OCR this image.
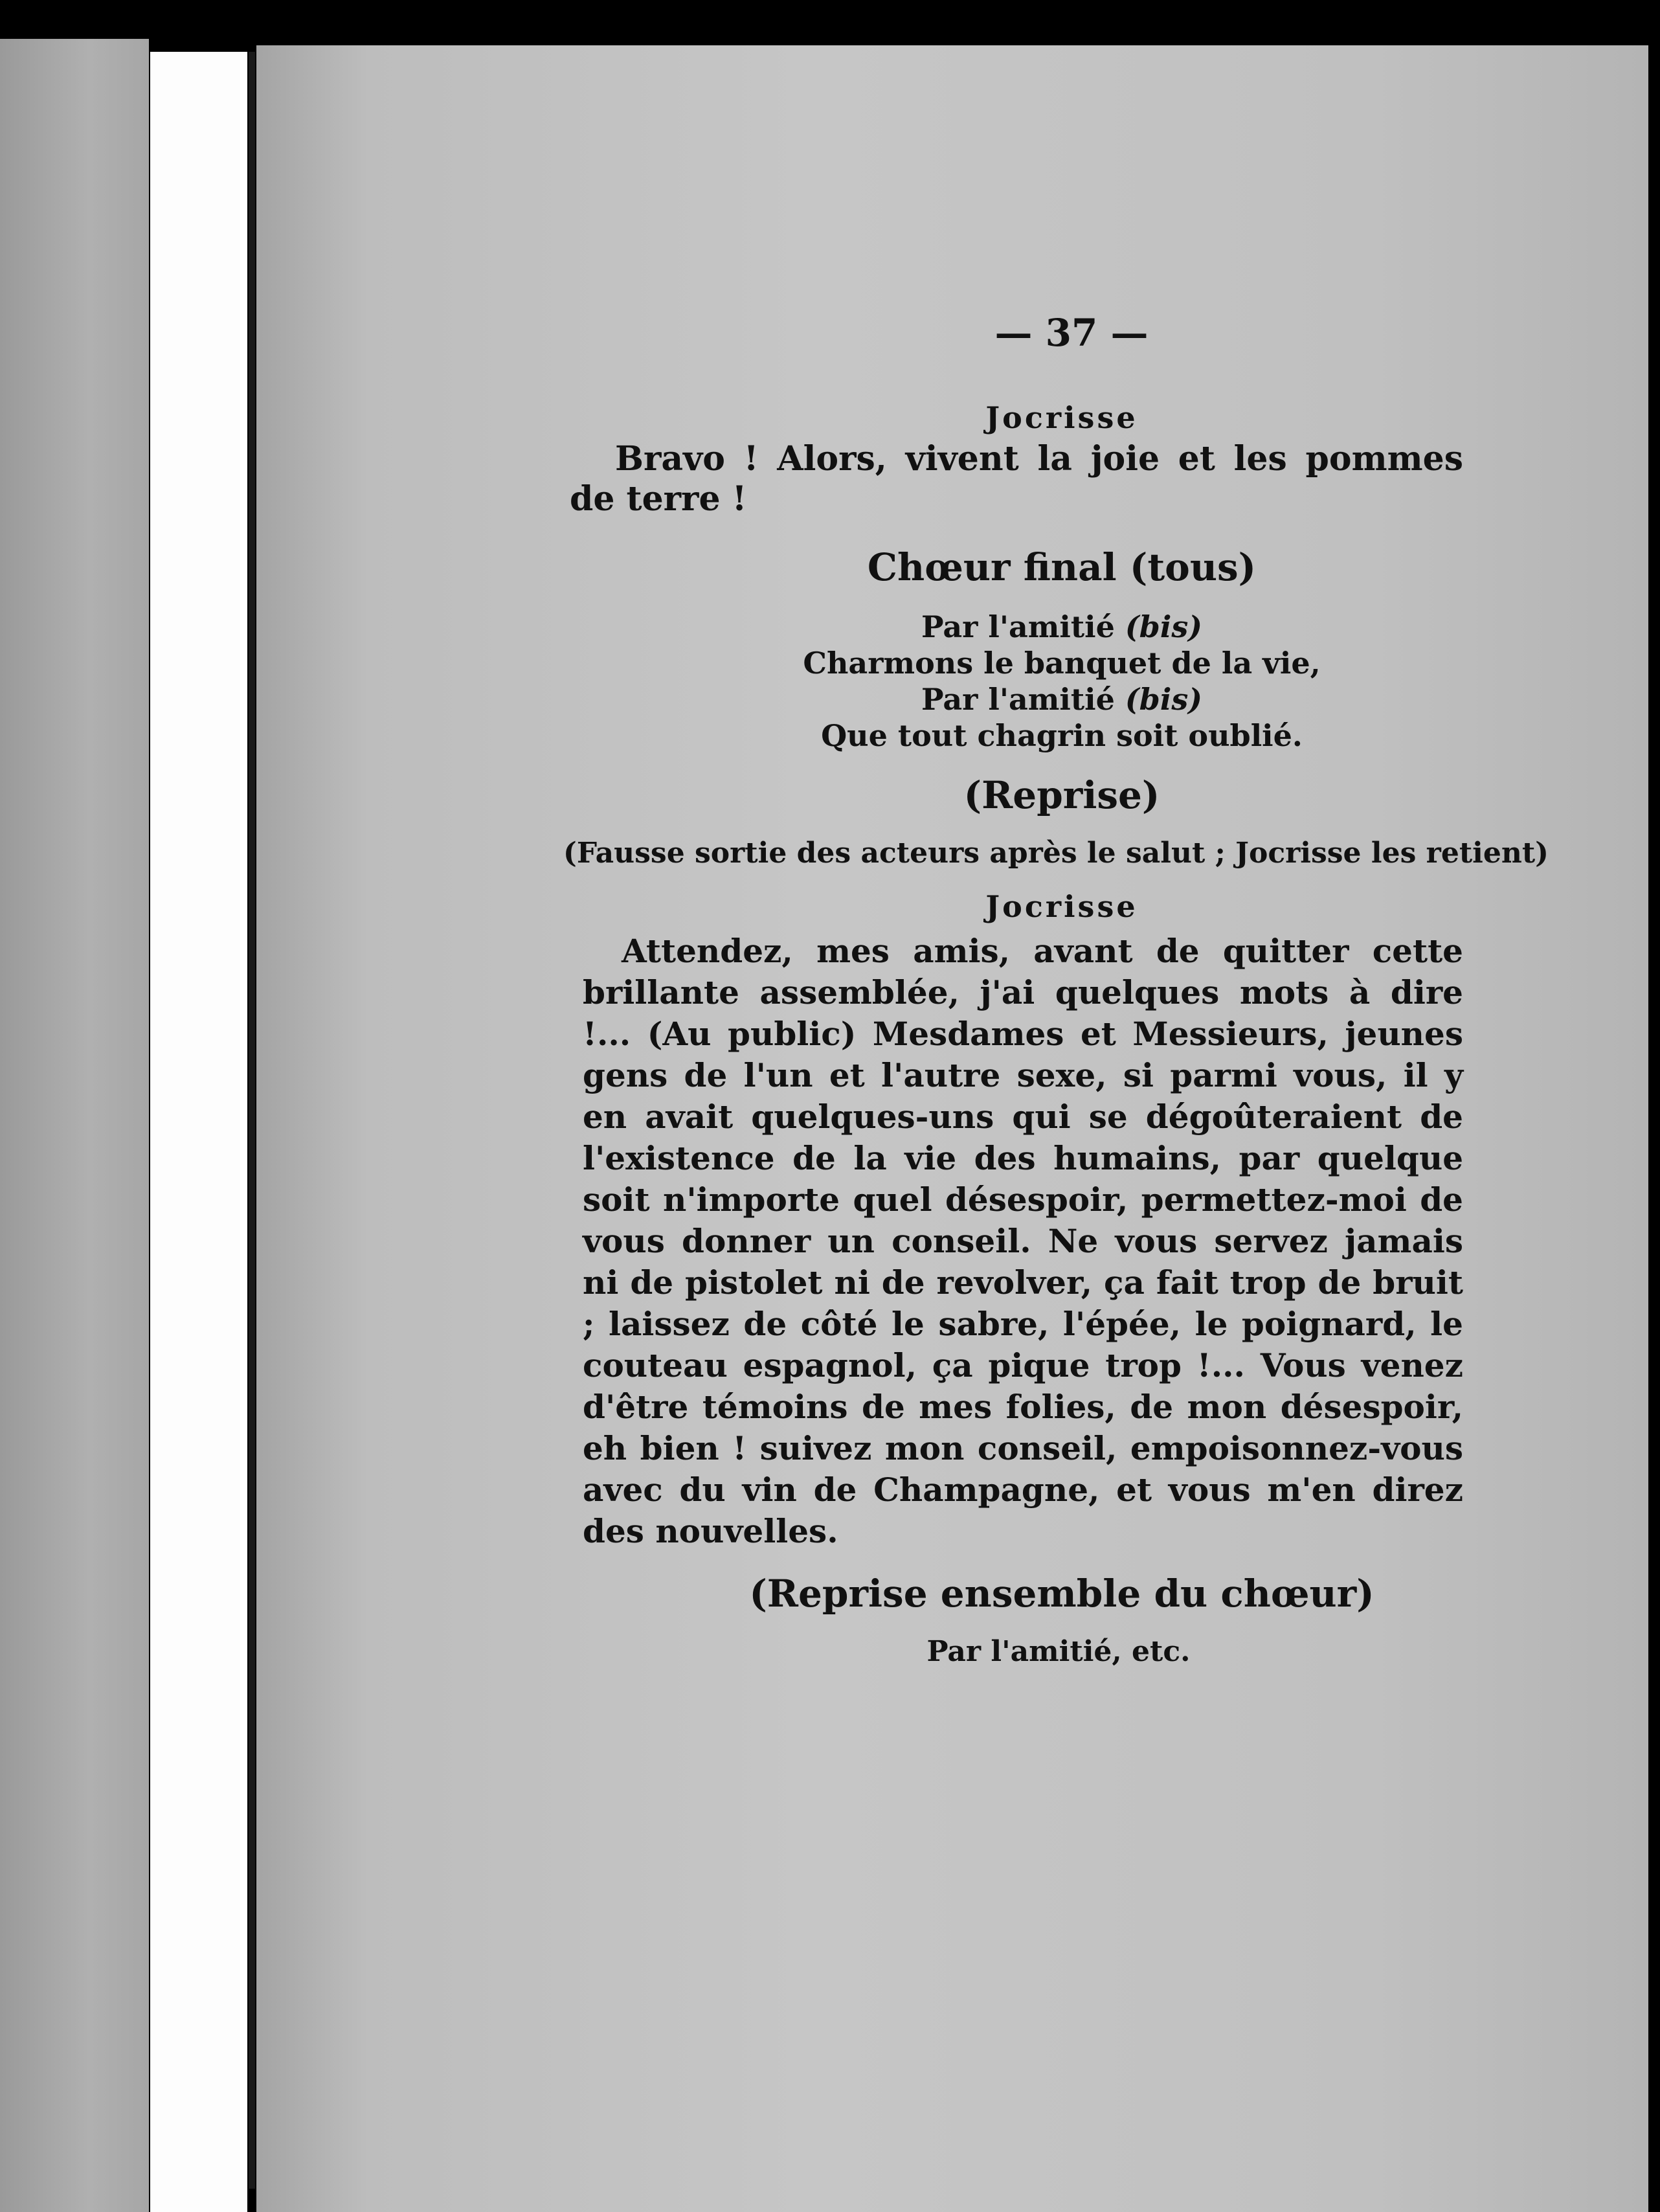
— 37 —
Jocrisse

Bravo ! Alors, vivent la joie et les pommes de terre !

Chœur final (tous)

Par l'amitié (bis)

Charmons le banquet de la vie,

Par l'amitié (bis)

Que tout chagrin soit oublié.

(Reprise)

(Fausse sortie des acteurs après le salut ; Jocrisse les retient)

Jocrisse

Attendez, mes amis, avant de quitter cette brillante assemblée, j'ai quelques mots à dire !... (Au public) Mesdames et Messieurs, jeunes gens de l'un et l'autre sexe, si parmi vous, il y en avait quelques-uns qui se dégoûteraient de l'existence de la vie des humains, par quelque soit n'importe quel désespoir, permettez-moi de vous donner un conseil. Ne vous servez jamais ni de pistolet ni de revolver, ça fait trop de bruit ; laissez de côté le sabre, l'épée, le poignard, le couteau espagnol, ça pique trop !... Vous venez d'être témoins de mes folies, de mon désespoir, eh bien ! suivez mon conseil, empoisonnez-vous avec du vin de Champagne, et vous m'en direz des nouvelles.

(Reprise ensemble du chœur)

Par l'amitié, etc.
